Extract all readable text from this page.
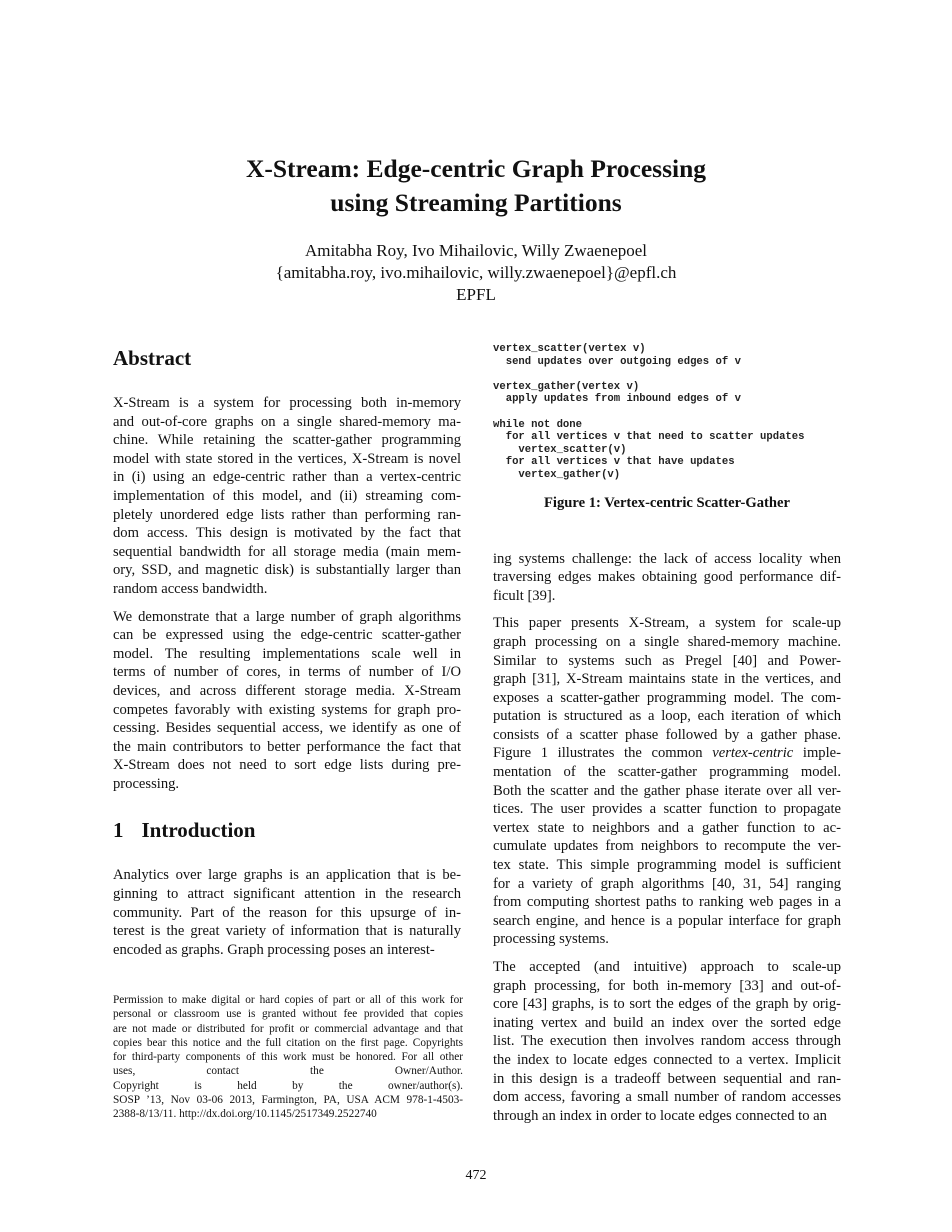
X-Stream: Edge-centric Graph Processing
using Streaming Partitions
Amitabha Roy, Ivo Mihailovic, Willy Zwaenepoel
{amitabha.roy, ivo.mihailovic, willy.zwaenepoel}@epfl.ch
EPFL
Abstract

X-Stream is a system for processing both in-memory
and out-of-core graphs on a single shared-memory ma-
chine. While retaining the scatter-gather programming
model with state stored in the vertices, X-Stream is novel
in (i) using an edge-centric rather than a vertex-centric
implementation of this model, and (ii) streaming com-
pletely unordered edge lists rather than performing ran-
dom access. This design is motivated by the fact that
sequential bandwidth for all storage media (main mem-
ory, SSD, and magnetic disk) is substantially larger than
random access bandwidth.

We demonstrate that a large number of graph algorithms
can be expressed using the edge-centric scatter-gather
model. The resulting implementations scale well in
terms of number of cores, in terms of number of I/O
devices, and across different storage media. X-Stream
competes favorably with existing systems for graph pro-
cessing. Besides sequential access, we identify as one of
the main contributors to better performance the fact that
X-Stream does not need to sort edge lists during pre-
processing.

1 Introduction

Analytics over large graphs is an application that is be-
ginning to attract significant attention in the research
community. Part of the reason for this upsurge of in-
terest is the great variety of information that is naturally
encoded as graphs. Graph processing poses an interest-

Permission to make digital or hard copies of part or all of this work for
personal or classroom use is granted without fee provided that copies
are not made or distributed for profit or commercial advantage and that
copies bear this notice and the full citation on the first page. Copyrights
for third-party components of this work must be honored. For all other
uses, contact the Owner/Author.
Copyright is held by the owner/author(s).
SOSP ’13, Nov 03-06 2013, Farmington, PA, USA ACM 978-1-4503-
2388-8/13/11. http://dx.doi.org/10.1145/2517349.2522740
vertex_scatter(vertex v)
send updates over outgoing edges of v

vertex_gather(vertex v)
apply updates from inbound edges of v

while not done
for all vertices v that need to scatter updates
vertex_scatter(v)
for all vertices v that have updates
vertex_gather(v)
Figure 1: Vertex-centric Scatter-Gather

ing systems challenge: the lack of access locality when
traversing edges makes obtaining good performance dif-
ficult [39].

This paper presents X-Stream, a system for scale-up
graph processing on a single shared-memory machine.
Similar to systems such as Pregel [40] and Power-
graph [31], X-Stream maintains state in the vertices, and
exposes a scatter-gather programming model. The com-
putation is structured as a loop, each iteration of which
consists of a scatter phase followed by a gather phase.
Figure 1 illustrates the common vertex-centric imple-
mentation of the scatter-gather programming model.
Both the scatter and the gather phase iterate over all ver-
tices. The user provides a scatter function to propagate
vertex state to neighbors and a gather function to ac-
cumulate updates from neighbors to recompute the ver-
tex state. This simple programming model is sufficient
for a variety of graph algorithms [40, 31, 54] ranging
from computing shortest paths to ranking web pages in a
search engine, and hence is a popular interface for graph
processing systems.

The accepted (and intuitive) approach to scale-up
graph processing, for both in-memory [33] and out-of-
core [43] graphs, is to sort the edges of the graph by orig-
inating vertex and build an index over the sorted edge
list. The execution then involves random access through
the index to locate edges connected to a vertex. Implicit
in this design is a tradeoff between sequential and ran-
dom access, favoring a small number of random accesses
through an index in order to locate edges connected to an

472
